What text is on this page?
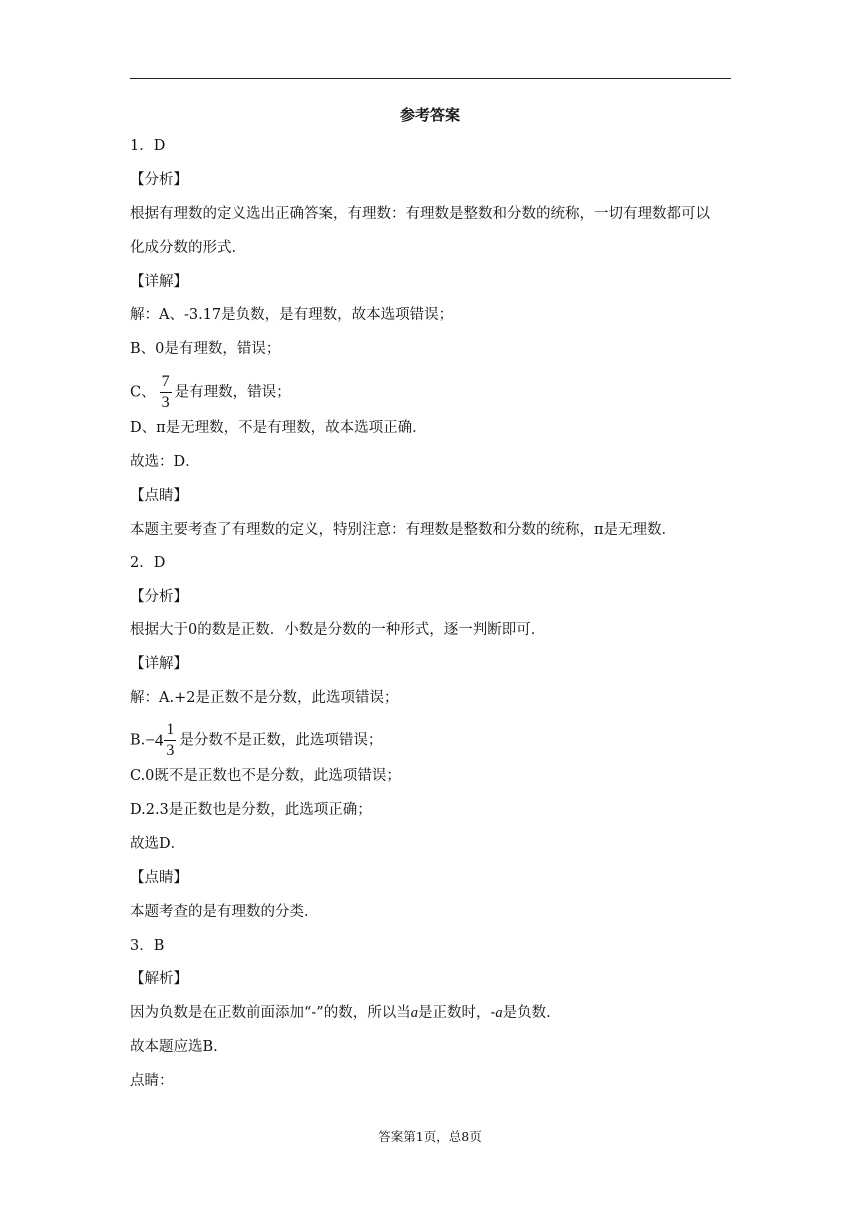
参考答案
1．D
【分析】
根据有理数的定义选出正确答案，有理数：有理数是整数和分数的统称，一切有理数都可以
化成分数的形式．
【详解】
解：A、-3.17是负数，是有理数，故本选项错误；
B、0是有理数，错误；
C、 $\frac{7}{3}$ 是有理数，错误；
D、π是无理数，不是有理数，故本选项正确．
故选：D．
【点睛】
本题主要考查了有理数的定义，特别注意：有理数是整数和分数的统称，π是无理数．
2．D
【分析】
根据大于0的数是正数．小数是分数的一种形式，逐一判断即可．
【详解】
解：A.+2是正数不是分数，此选项错误；
$B.-4 \frac{1}{3}$ 是分数不是正数，此选项错误；
C.0既不是正数也不是分数，此选项错误；
D.2.3是正数也是分数，此选项正确；
故选D．
【点睛】
本题考查的是有理数的分类．
3．B
【解析】
因为负数是在正数前面添加“-”的数，所以当a是正数时，-a是负数.
故本题应选B.
点睛：
答案第1页，总8页
